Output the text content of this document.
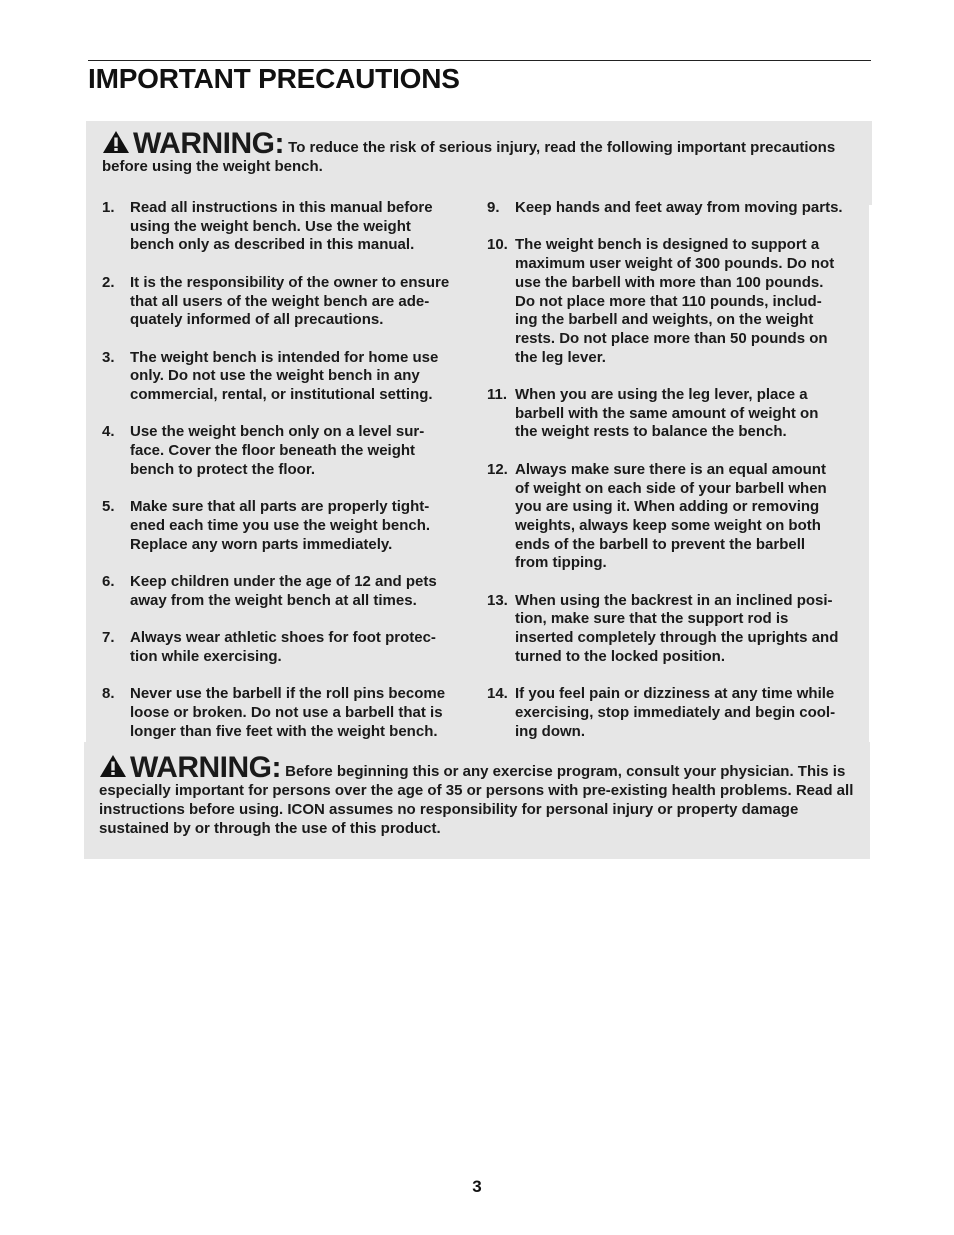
IMPORTANT PRECAUTIONS
WARNING: To reduce the risk of serious injury, read the following important precautions before using the weight bench.
1.	Read all instructions in this manual before
using the weight bench. Use the weight
bench only as described in this manual.
2.	It is the responsibility of the owner to ensure
that all users of the weight bench are ade-
quately informed of all precautions.
3.	The weight bench is intended for home use
only. Do not use the weight bench in any
commercial, rental, or institutional setting.
4.	Use the weight bench only on a level sur-
face. Cover the floor beneath the weight
bench to protect the floor.
5.	Make sure that all parts are properly tight-
ened each time you use the weight bench.
Replace any worn parts immediately.
6.	Keep children under the age of 12 and pets
away from the weight bench at all times.
7.	Always wear athletic shoes for foot protec-
tion while exercising.
8.	Never use the barbell if the roll pins become
loose or broken. Do not use a barbell that is
longer than five feet with the weight bench.
9.	Keep hands and feet away from moving parts.
10. The weight bench is designed to support a
maximum user weight of 300 pounds. Do not
use the barbell with more than 100 pounds.
Do not place more that 110 pounds, includ-
ing the barbell and weights, on the weight
rests. Do not place more than 50 pounds on
the leg lever.
11. When you are using the leg lever, place a
barbell with the same amount of weight on
the weight rests to balance the bench.
12. Always make sure there is an equal amount
of weight on each side of your barbell when
you are using it. When adding or removing
weights, always keep some weight on both
ends of the barbell to prevent the barbell
from tipping.
13. When using the backrest in an inclined posi-
tion, make sure that the support rod is
inserted completely through the uprights and
turned to the locked position.
14. If you feel pain or dizziness at any time while
exercising, stop immediately and begin cool-
ing down.
WARNING: Before beginning this or any exercise program, consult your physician. This is especially important for persons over the age of 35 or persons with pre-existing health problems. Read all instructions before using. ICON assumes no responsibility for personal injury or property damage sustained by or through the use of this product.
3
